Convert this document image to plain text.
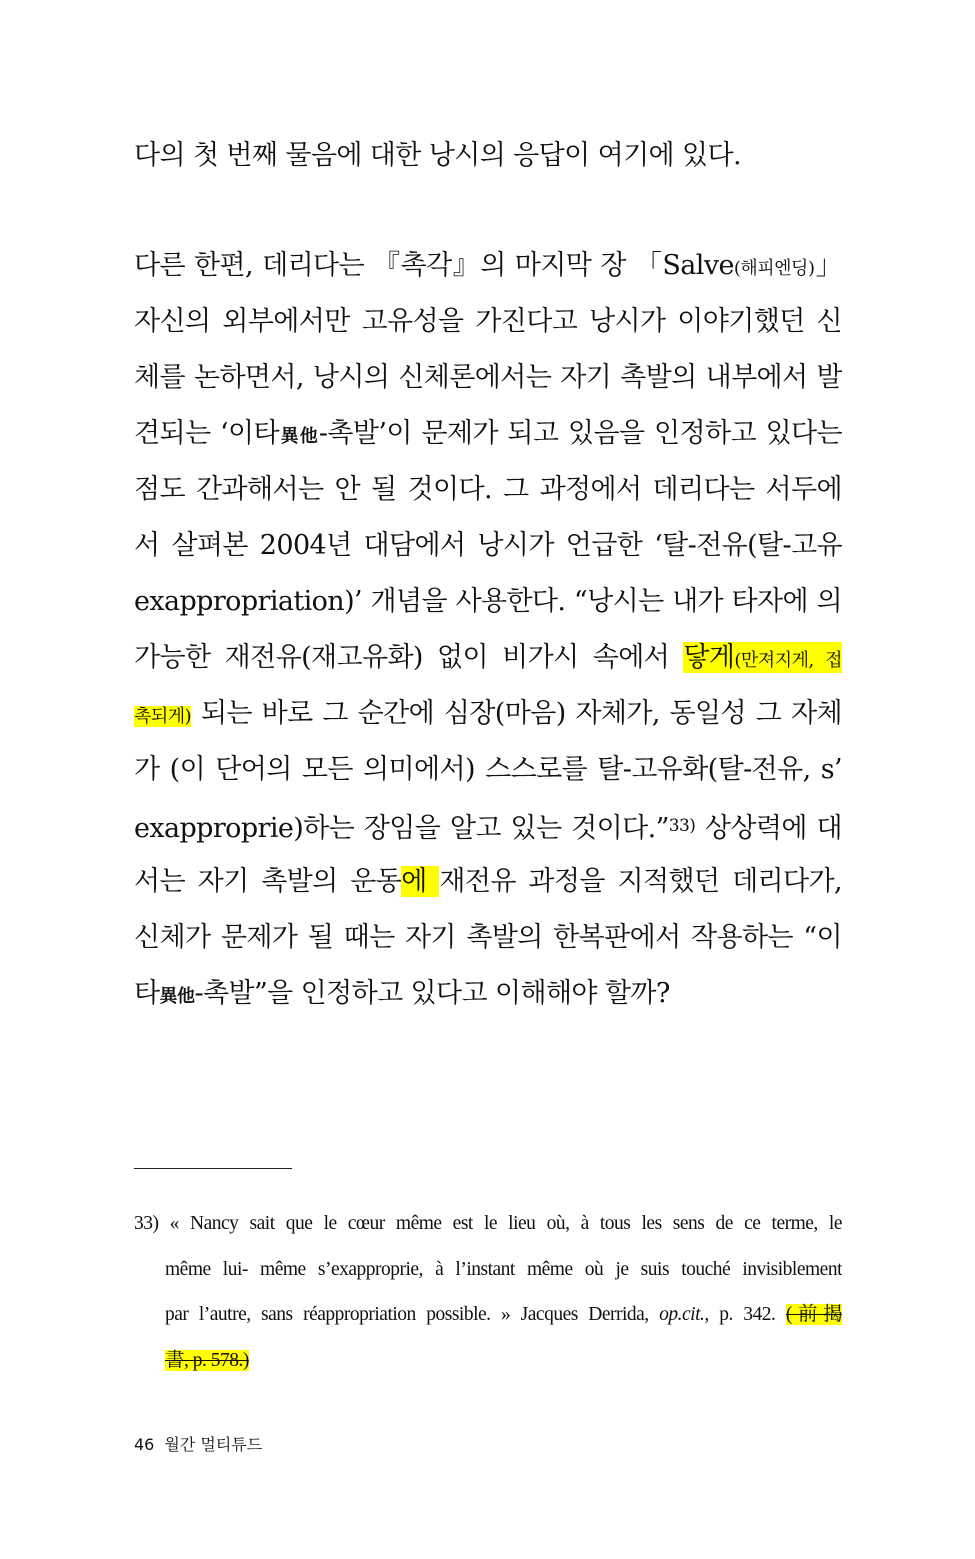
다의 첫 번째 물음에 대한 낭시의 응답이 여기에 있다.
다른 한편, 데리다는 『촉각』의 마지막 장 「Salve(해피엔딩)」
자신의 외부에서만 고유성을 가진다고 낭시가 이야기했던 신
체를 논하면서, 낭시의 신체론에서는 자기 촉발의 내부에서 발
견되는 ‘이타異他-촉발’이 문제가 되고 있음을 인정하고 있다는
점도 간과해서는 안 될 것이다. 그 과정에서 데리다는 서두에
서 살펴본 2004년 대담에서 낭시가 언급한 ‘탈-전유(탈-고유
exappropriation)’ 개념을 사용한다. “낭시는 내가 타자에 의
가능한 재전유(재고유화) 없이 비가시 속에서 닿게(만져지게, 접
촉되게) 되는 바로 그 순간에 심장(마음) 자체가, 동일성 그 자체
가 (이 단어의 모든 의미에서) 스스로를 탈-고유화(탈-전유, s’
exapproprie)하는 장임을 알고 있는 것이다.”$^{33)}$ 상상력에 대
서는 자기 촉발의 운동에 재전유 과정을 지적했던 데리다가,
신체가 문제가 될 때는 자기 촉발의 한복판에서 작용하는 “이
타異他-촉발”을 인정하고 있다고 이해해야 할까?
33) « Nancy sait que le cœur même est le lieu où, à tous les sens de ce terme, le
même lui- même s’exapproprie, à l’instant même où je suis touché invisiblement
par l’autre, sans réappropriation possible. » Jacques Derrida, op.cit., p. 342. (前揭
書, p. 578.)
46 월간 멀티튜드
